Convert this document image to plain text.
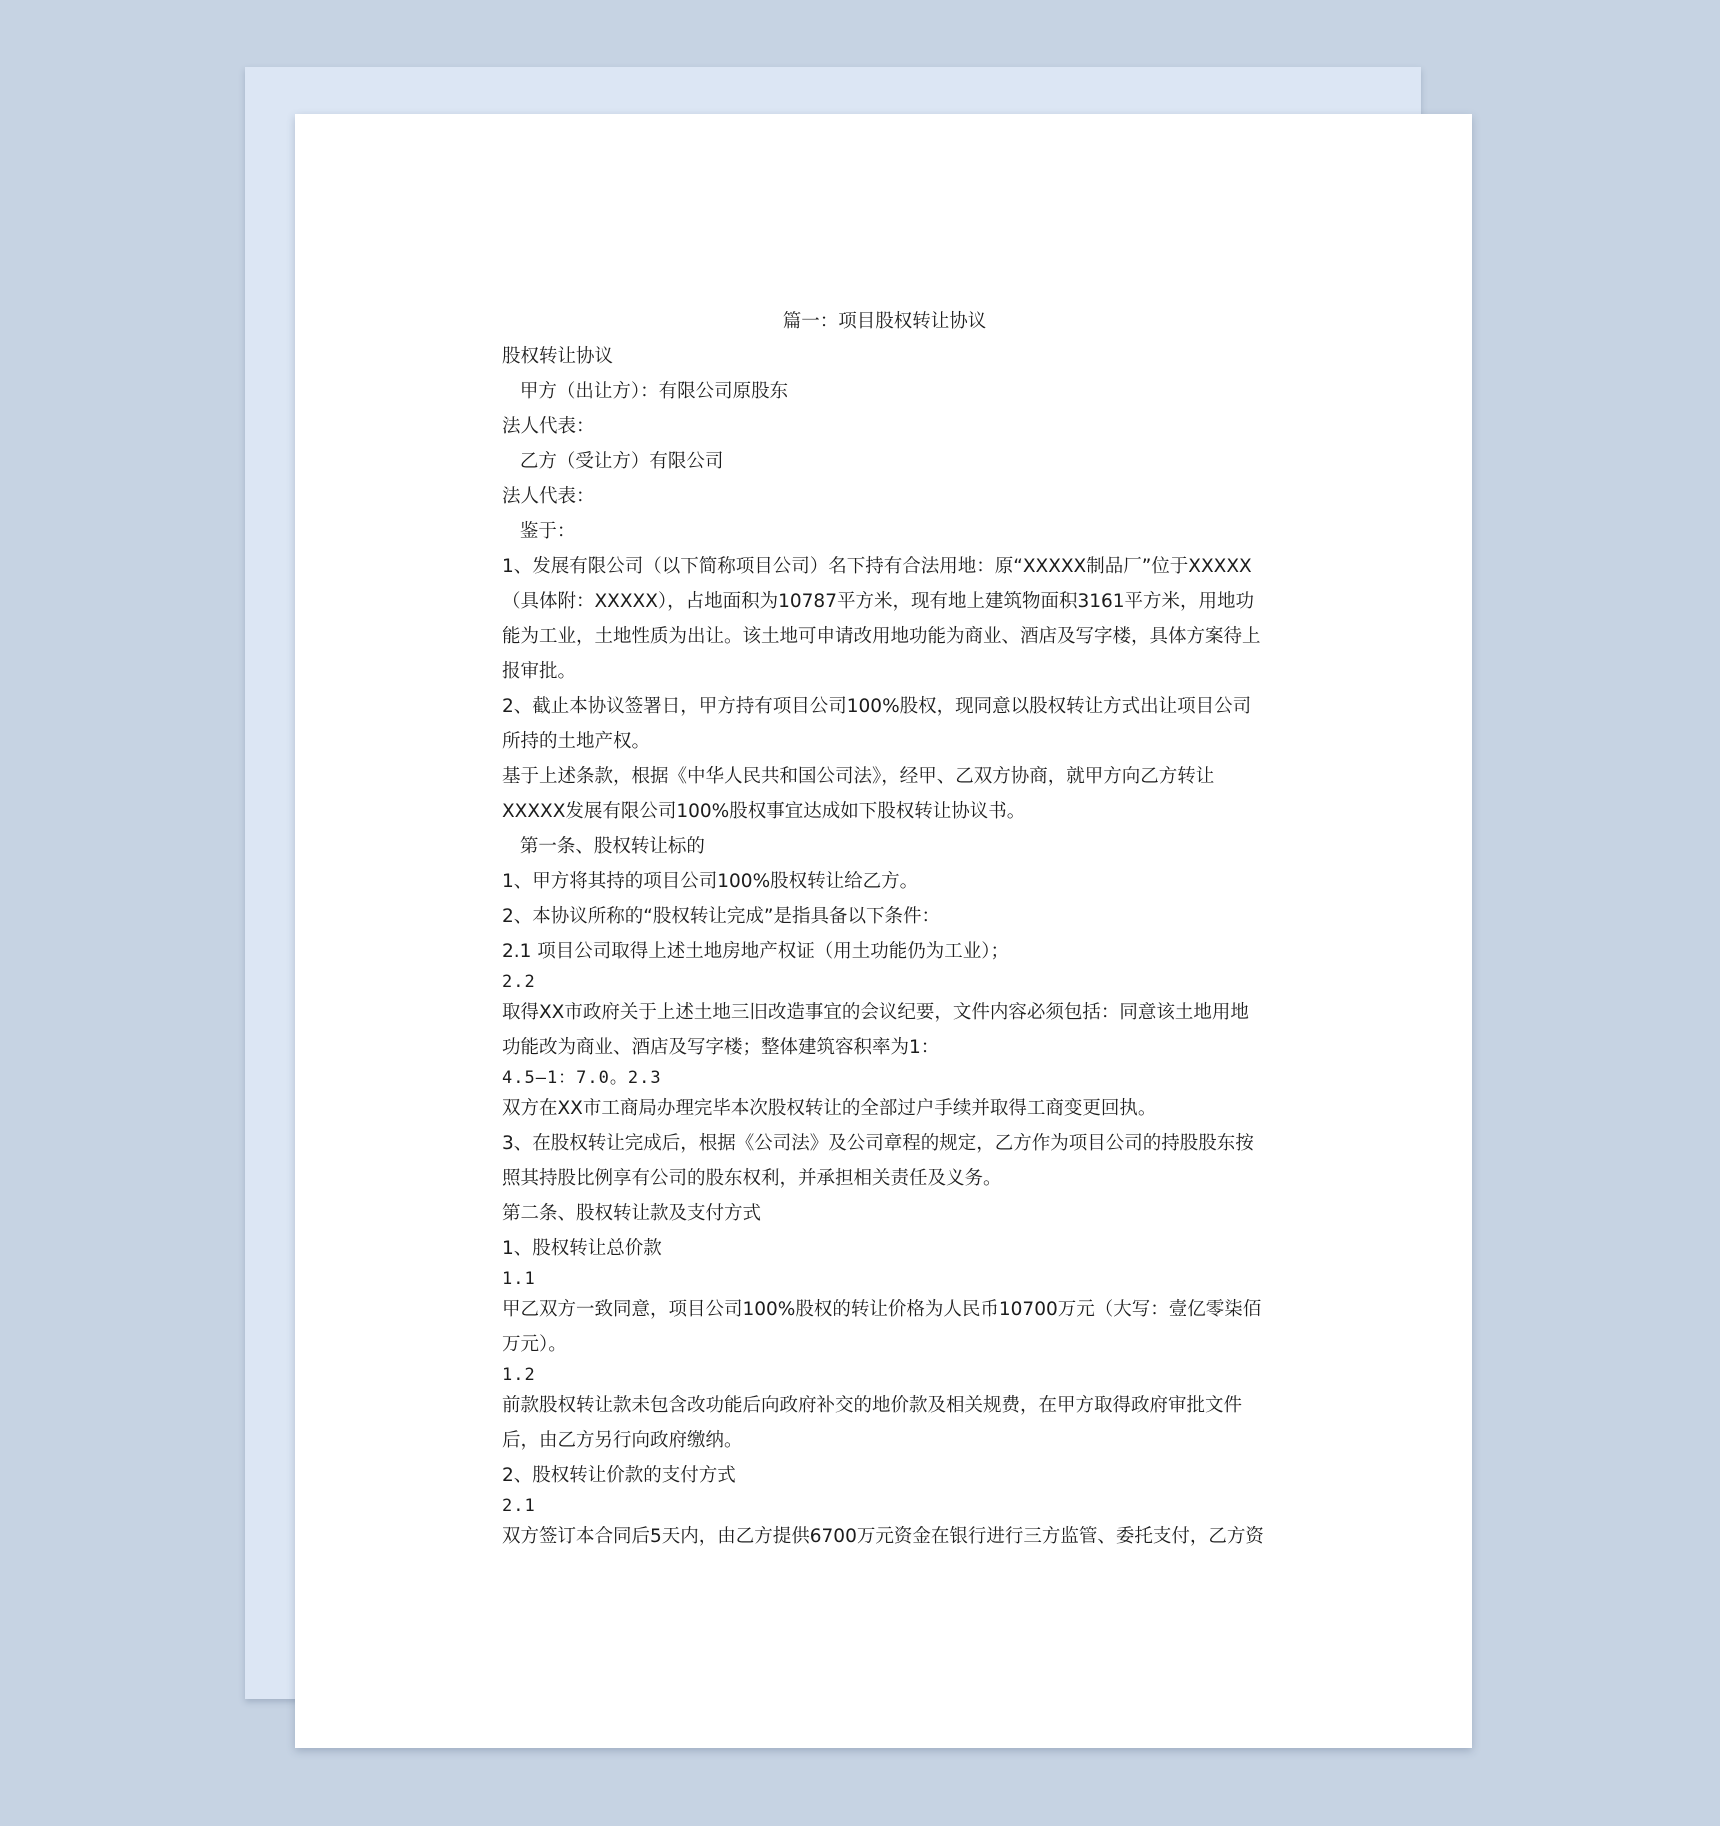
篇一：项目股权转让协议

股权转让协议

甲方（出让方）：有限公司原股东

法人代表：

乙方（受让方）有限公司

法人代表：

鉴于：

1、发展有限公司（以下简称项目公司）名下持有合法用地：原“XXXXX制品厂”位于XXXXX（具体附：XXXXX），占地面积为10787平方米，现有地上建筑物面积3161平方米，用地功能为工业，土地性质为出让。该土地可申请改用地功能为商业、酒店及写字楼，具体方案待上报审批。

2、截止本协议签署日，甲方持有项目公司100%股权，现同意以股权转让方式出让项目公司所持的土地产权。

基于上述条款，根据《中华人民共和国公司法》，经甲、乙双方协商，就甲方向乙方转让XXXXX发展有限公司100%股权事宜达成如下股权转让协议书。

第一条、股权转让标的

1、甲方将其持的项目公司100%股权转让给乙方。

2、本协议所称的“股权转让完成”是指具备以下条件：

2.1 项目公司取得上述土地房地产权证（用土功能仍为工业）；

2.2

取得XX市政府关于上述土地三旧改造事宜的会议纪要，文件内容必须包括：同意该土地用地功能改为商业、酒店及写字楼；整体建筑容积率为1：

4.5—1：7.0。2.3

双方在XX市工商局办理完毕本次股权转让的全部过户手续并取得工商变更回执。

3、在股权转让完成后，根据《公司法》及公司章程的规定，乙方作为项目公司的持股股东按照其持股比例享有公司的股东权利，并承担相关责任及义务。

第二条、股权转让款及支付方式

1、股权转让总价款

1.1

甲乙双方一致同意，项目公司100%股权的转让价格为人民币10700万元（大写：壹亿零柒佰万元）。

1.2

前款股权转让款未包含改功能后向政府补交的地价款及相关规费，在甲方取得政府审批文件后，由乙方另行向政府缴纳。

2、股权转让价款的支付方式

2.1

双方签订本合同后5天内，由乙方提供6700万元资金在银行进行三方监管、委托支付，乙方资
